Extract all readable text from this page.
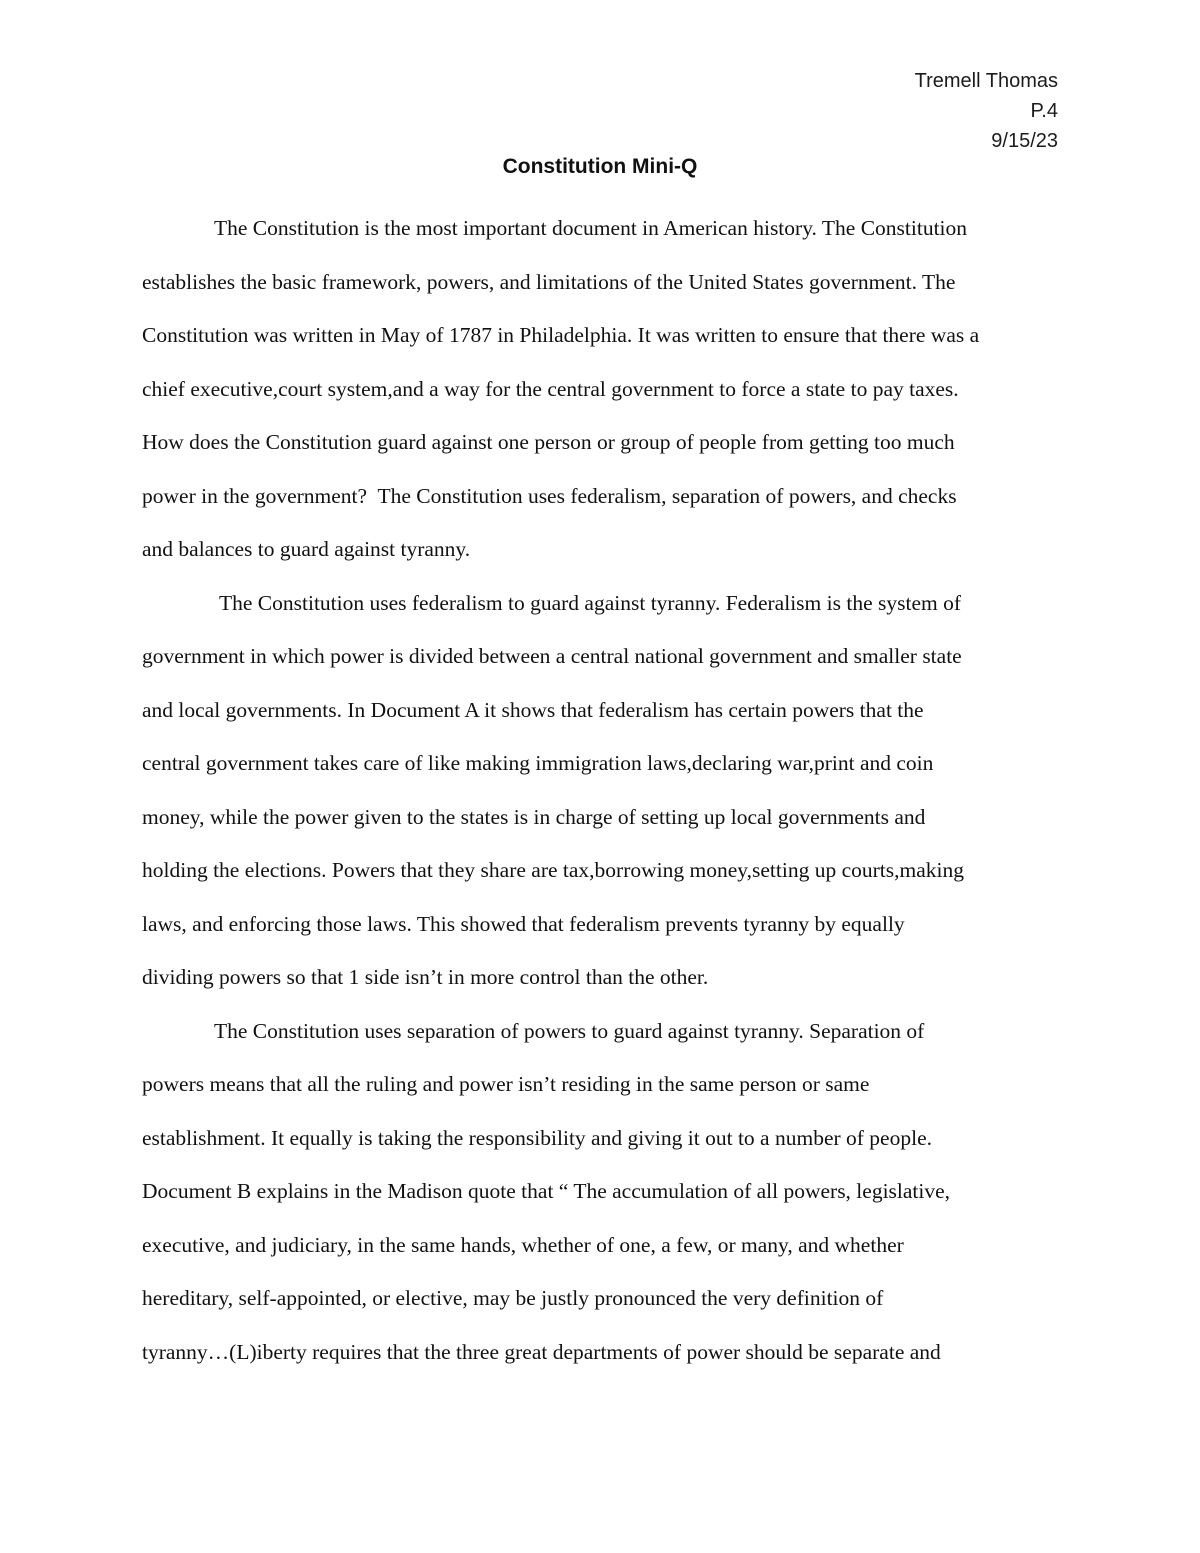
Tremell Thomas
P.4
9/15/23
Constitution Mini-Q
The Constitution is the most important document in American history. The Constitution
establishes the basic framework, powers, and limitations of the United States government. The
Constitution was written in May of 1787 in Philadelphia. It was written to ensure that there was a
chief executive,court system,and a way for the central government to force a state to pay taxes.
How does the Constitution guard against one person or group of people from getting too much
power in the government?  The Constitution uses federalism, separation of powers, and checks
and balances to guard against tyranny.
The Constitution uses federalism to guard against tyranny. Federalism is the system of
government in which power is divided between a central national government and smaller state
and local governments. In Document A it shows that federalism has certain powers that the
central government takes care of like making immigration laws,declaring war,print and coin
money, while the power given to the states is in charge of setting up local governments and
holding the elections. Powers that they share are tax,borrowing money,setting up courts,making
laws, and enforcing those laws. This showed that federalism prevents tyranny by equally
dividing powers so that 1 side isn’t in more control than the other.
The Constitution uses separation of powers to guard against tyranny. Separation of
powers means that all the ruling and power isn’t residing in the same person or same
establishment. It equally is taking the responsibility and giving it out to a number of people.
Document B explains in the Madison quote that “ The accumulation of all powers, legislative,
executive, and judiciary, in the same hands, whether of one, a few, or many, and whether
hereditary, self-appointed, or elective, may be justly pronounced the very definition of
tyranny…(L)iberty requires that the three great departments of power should be separate and
